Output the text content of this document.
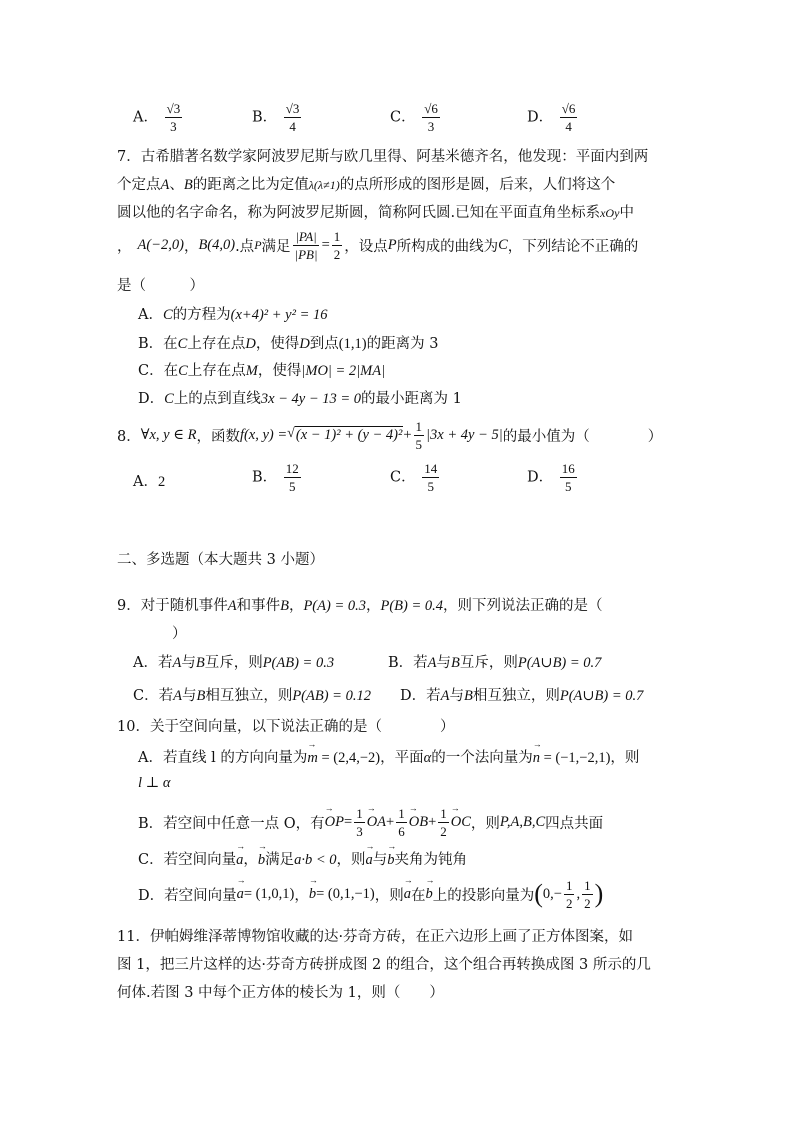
A． $\frac{√3}{3}$	B． $\frac{√3}{4}$	C． $\frac{√6}{3}$	D． $\frac{√6}{4}$
7．古希腊著名数学家阿波罗尼斯与欧几里得、阿基米德齐名，他发现：平面内到两
个定点A、B的距离之比为定值λ(λ≠1)的点所形成的图形是圆，后来，人们将这个
圆以他的名字命名，称为阿波罗尼斯圆，简称阿氏圆.已知在平面直角坐标系xOy中
， A(−2,0) ， B(4,0) .点 P 满足 $\frac{|PA|}{|PB|} = \frac{1}{2}$ ，设点 P 所构成的曲线为 C ，下列结论不正确的
是（　　　）
A．C的方程为(x+4)² + y² = 16
B．在C上存在点D，使得D到点(1,1)的距离为 3
C．在C上存在点M，使得|MO| = 2|MA|
D．C上的点到直线3x − 4y − 13 = 0的最小距离为 1
8． ∀x, y ∈ R ，函数 f(x, y) = √ $(x - 1)^2 + (y - 4)^2 + \frac{1}{5} |3x + 4y - 5|$ 的最小值为（　　　　）
A．2	B． $\frac{12}{5}$	C． $\frac{14}{5}$	D． $\frac{16}{5}$
二、多选题（本大题共 3 小题）
9．对于随机事件A和事件B，P(A) = 0.3，P(B) = 0.4，则下列说法正确的是（
）
A．若A与B互斥，则P(AB) = 0.3	B．若A与B互斥，则P(A∪B) = 0.7
C．若A与B相互独立，则P(AB) = 0.12	D．若A与B相互独立，则P(A∪B) = 0.7
10．关于空间向量，以下说法正确的是（　　　　）
A．若直线 l 的方向向量为→ m = (2,4,−2)，平面α的一个法向量为→ n = (−1,−2,1)，则
l ⊥ α
B．若空间中任意一点 O，有 → OP = $\frac{1}{3}$ → OA + $\frac{1}{6}$ → OB + $\frac{1}{2}$ → OC ，则 P,A,B,C 四点共面
C．若空间向量→ a，→ b满足a·b < 0，则→ a与→ b夹角为钝角
D．若空间向量 → a = (1,0,1) ， → b = (0,1,−1) ，则 → a 在 → b 上的投影向量为 ( $0,- \frac{1}{2}$ , $\frac{1}{2}$ )
11．伊帕姆维泽蒂博物馆收藏的达·芬奇方砖，在正六边形上画了正方体图案，如
图 1，把三片这样的达·芬奇方砖拼成图 2 的组合，这个组合再转换成图 3 所示的几
何体.若图 3 中每个正方体的棱长为 1，则（　　）
